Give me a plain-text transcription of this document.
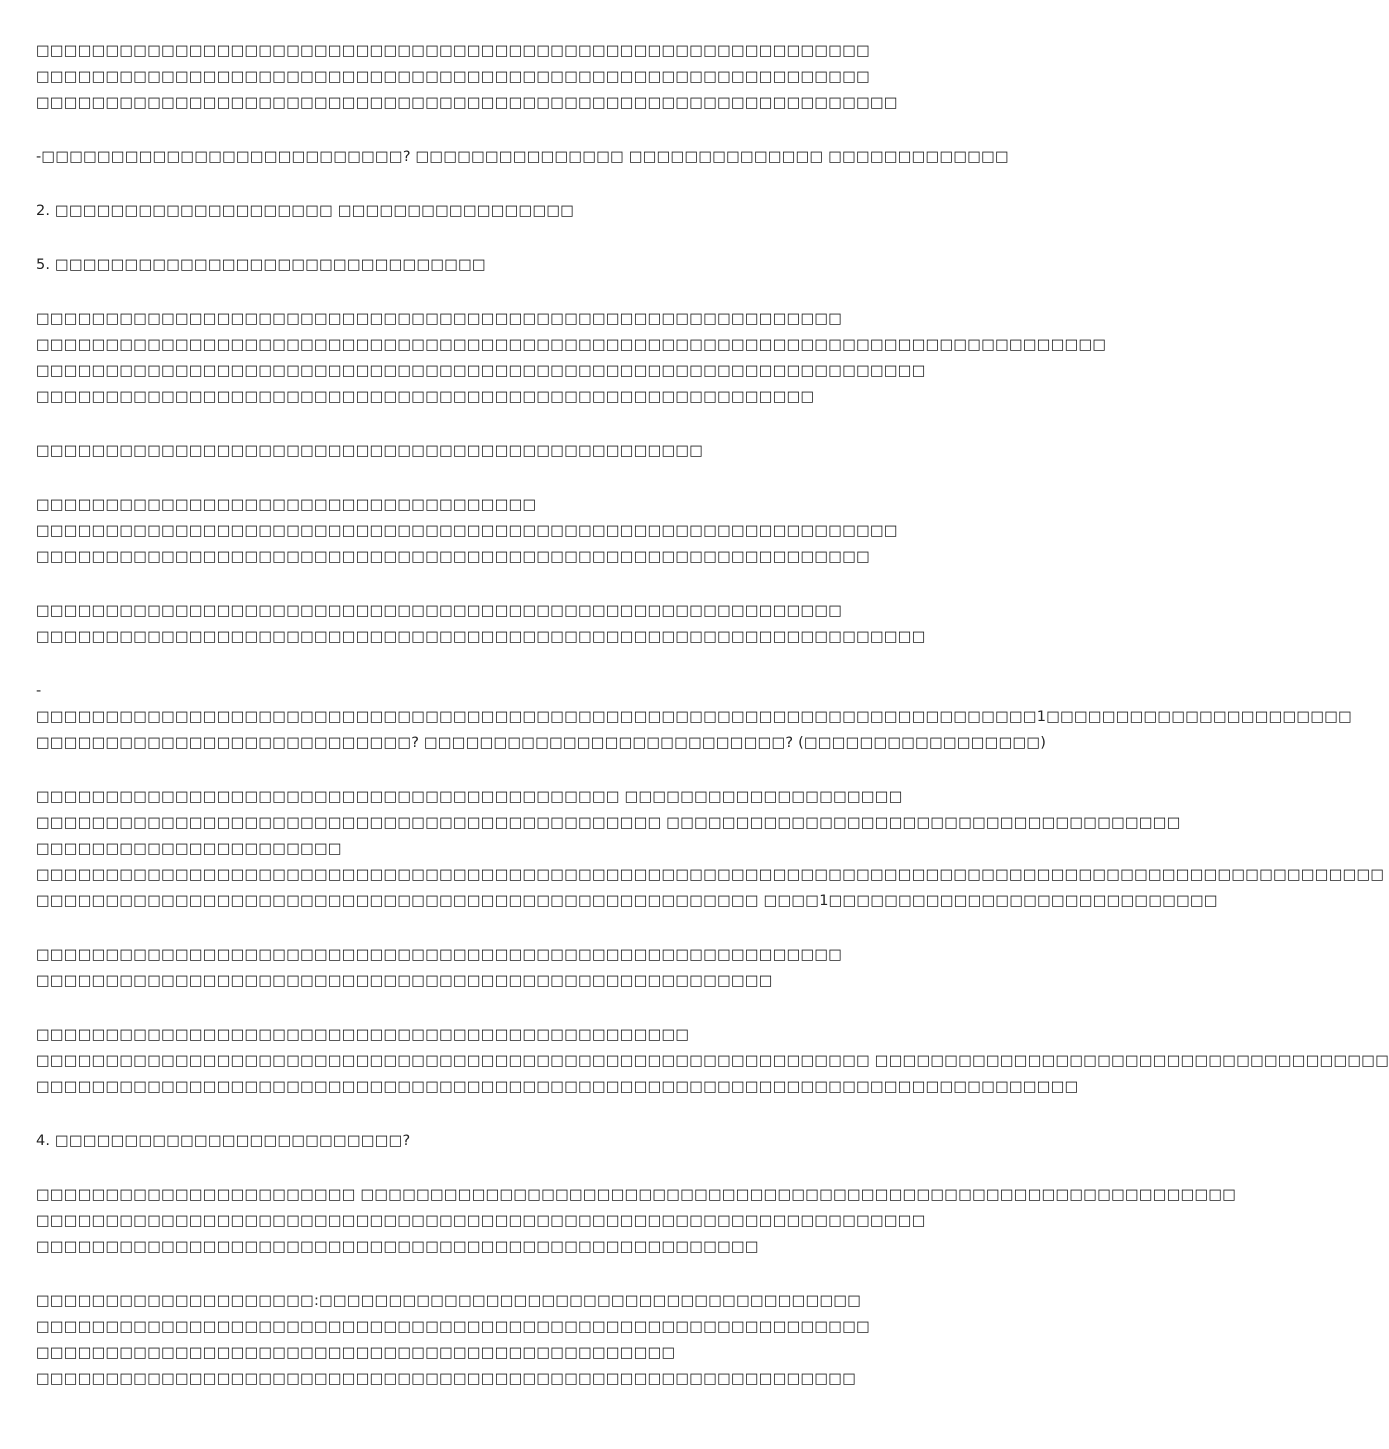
□□□□□□□□□□□□□□□□□□□□□□□□□□□□□□□□□□□□□□□□□□□□□□□□□□□□□□□□□□□□
□□□□□□□□□□□□□□□□□□□□□□□□□□□□□□□□□□□□□□□□□□□□□□□□□□□□□□□□□□□□
□□□□□□□□□□□□□□□□□□□□□□□□□□□□□□□□□□□□□□□□□□□□□□□□□□□□□□□□□□□□□□
-□□□□□□□□□□□□□□□□□□□□□□□□□□? □□□□□□□□□□□□□□□ □□□□□□□□□□□□□□ □□□□□□□□□□□□□
2. □□□□□□□□□□□□□□□□□□□□ □□□□□□□□□□□□□□□□□
5. □□□□□□□□□□□□□□□□□□□□□□□□□□□□□□□
□□□□□□□□□□□□□□□□□□□□□□□□□□□□□□□□□□□□□□□□□□□□□□□□□□□□□□□□□□
□□□□□□□□□□□□□□□□□□□□□□□□□□□□□□□□□□□□□□□□□□□□□□□□□□□□□□□□□□□□□□□□□□□□□□□□□□□□□
□□□□□□□□□□□□□□□□□□□□□□□□□□□□□□□□□□□□□□□□□□□□□□□□□□□□□□□□□□□□□□□□
□□□□□□□□□□□□□□□□□□□□□□□□□□□□□□□□□□□□□□□□□□□□□□□□□□□□□□□□
□□□□□□□□□□□□□□□□□□□□□□□□□□□□□□□□□□□□□□□□□□□□□□□□
□□□□□□□□□□□□□□□□□□□□□□□□□□□□□□□□□□□□
□□□□□□□□□□□□□□□□□□□□□□□□□□□□□□□□□□□□□□□□□□□□□□□□□□□□□□□□□□□□□□
□□□□□□□□□□□□□□□□□□□□□□□□□□□□□□□□□□□□□□□□□□□□□□□□□□□□□□□□□□□□
□□□□□□□□□□□□□□□□□□□□□□□□□□□□□□□□□□□□□□□□□□□□□□□□□□□□□□□□□□
□□□□□□□□□□□□□□□□□□□□□□□□□□□□□□□□□□□□□□□□□□□□□□□□□□□□□□□□□□□□□□□□
-
□□□□□□□□□□□□□□□□□□□□□□□□□□□□□□□□□□□□□□□□□□□□□□□□□□□□□□□□□□□□□□□□□□□□□□□□1□□□□□□□□□□□□□□□□□□□□□□
□□□□□□□□□□□□□□□□□□□□□□□□□□□? □□□□□□□□□□□□□□□□□□□□□□□□□□? (□□□□□□□□□□□□□□□□□)
□□□□□□□□□□□□□□□□□□□□□□□□□□□□□□□□□□□□□□□□□□ □□□□□□□□□□□□□□□□□□□□
□□□□□□□□□□□□□□□□□□□□□□□□□□□□□□□□□□□□□□□□□□□□□ □□□□□□□□□□□□□□□□□□□□□□□□□□□□□□□□□□□□□
□□□□□□□□□□□□□□□□□□□□□□
□□□□□□□□□□□□□□□□□□□□□□□□□□□□□□□□□□□□□□□□□□□□□□□□□□□□□□□□□□□□□□□□□□□□□□□□□□□□□□□□□□□□□□□□□□□□□□□□□
□□□□□□□□□□□□□□□□□□□□□□□□□□□□□□□□□□□□□□□□□□□□□□□□□□□□ □□□□1□□□□□□□□□□□□□□□□□□□□□□□□□□□□
□□□□□□□□□□□□□□□□□□□□□□□□□□□□□□□□□□□□□□□□□□□□□□□□□□□□□□□□□□
□□□□□□□□□□□□□□□□□□□□□□□□□□□□□□□□□□□□□□□□□□□□□□□□□□□□□
□□□□□□□□□□□□□□□□□□□□□□□□□□□□□□□□□□□□□□□□□□□□□□□
□□□□□□□□□□□□□□□□□□□□□□□□□□□□□□□□□□□□□□□□□□□□□□□□□□□□□□□□□□□□ □□□□□□□□□□□□□□□□□□□□□□□□□□□□□□□□□□□□□
□□□□□□□□□□□□□□□□□□□□□□□□□□□□□□□□□□□□□□□□□□□□□□□□□□□□□□□□□□□□□□□□□□□□□□□□□□□
4. □□□□□□□□□□□□□□□□□□□□□□□□□?
□□□□□□□□□□□□□□□□□□□□□□□ □□□□□□□□□□□□□□□□□□□□□□□□□□□□□□□□□□□□□□□□□□□□□□□□□□□□□□□□□□□□□□□
□□□□□□□□□□□□□□□□□□□□□□□□□□□□□□□□□□□□□□□□□□□□□□□□□□□□□□□□□□□□□□□□
□□□□□□□□□□□□□□□□□□□□□□□□□□□□□□□□□□□□□□□□□□□□□□□□□□□□
□□□□□□□□□□□□□□□□□□□□:□□□□□□□□□□□□□□□□□□□□□□□□□□□□□□□□□□□□□□□
□□□□□□□□□□□□□□□□□□□□□□□□□□□□□□□□□□□□□□□□□□□□□□□□□□□□□□□□□□□□
□□□□□□□□□□□□□□□□□□□□□□□□□□□□□□□□□□□□□□□□□□□□□□
□□□□□□□□□□□□□□□□□□□□□□□□□□□□□□□□□□□□□□□□□□□□□□□□□□□□□□□□□□□
